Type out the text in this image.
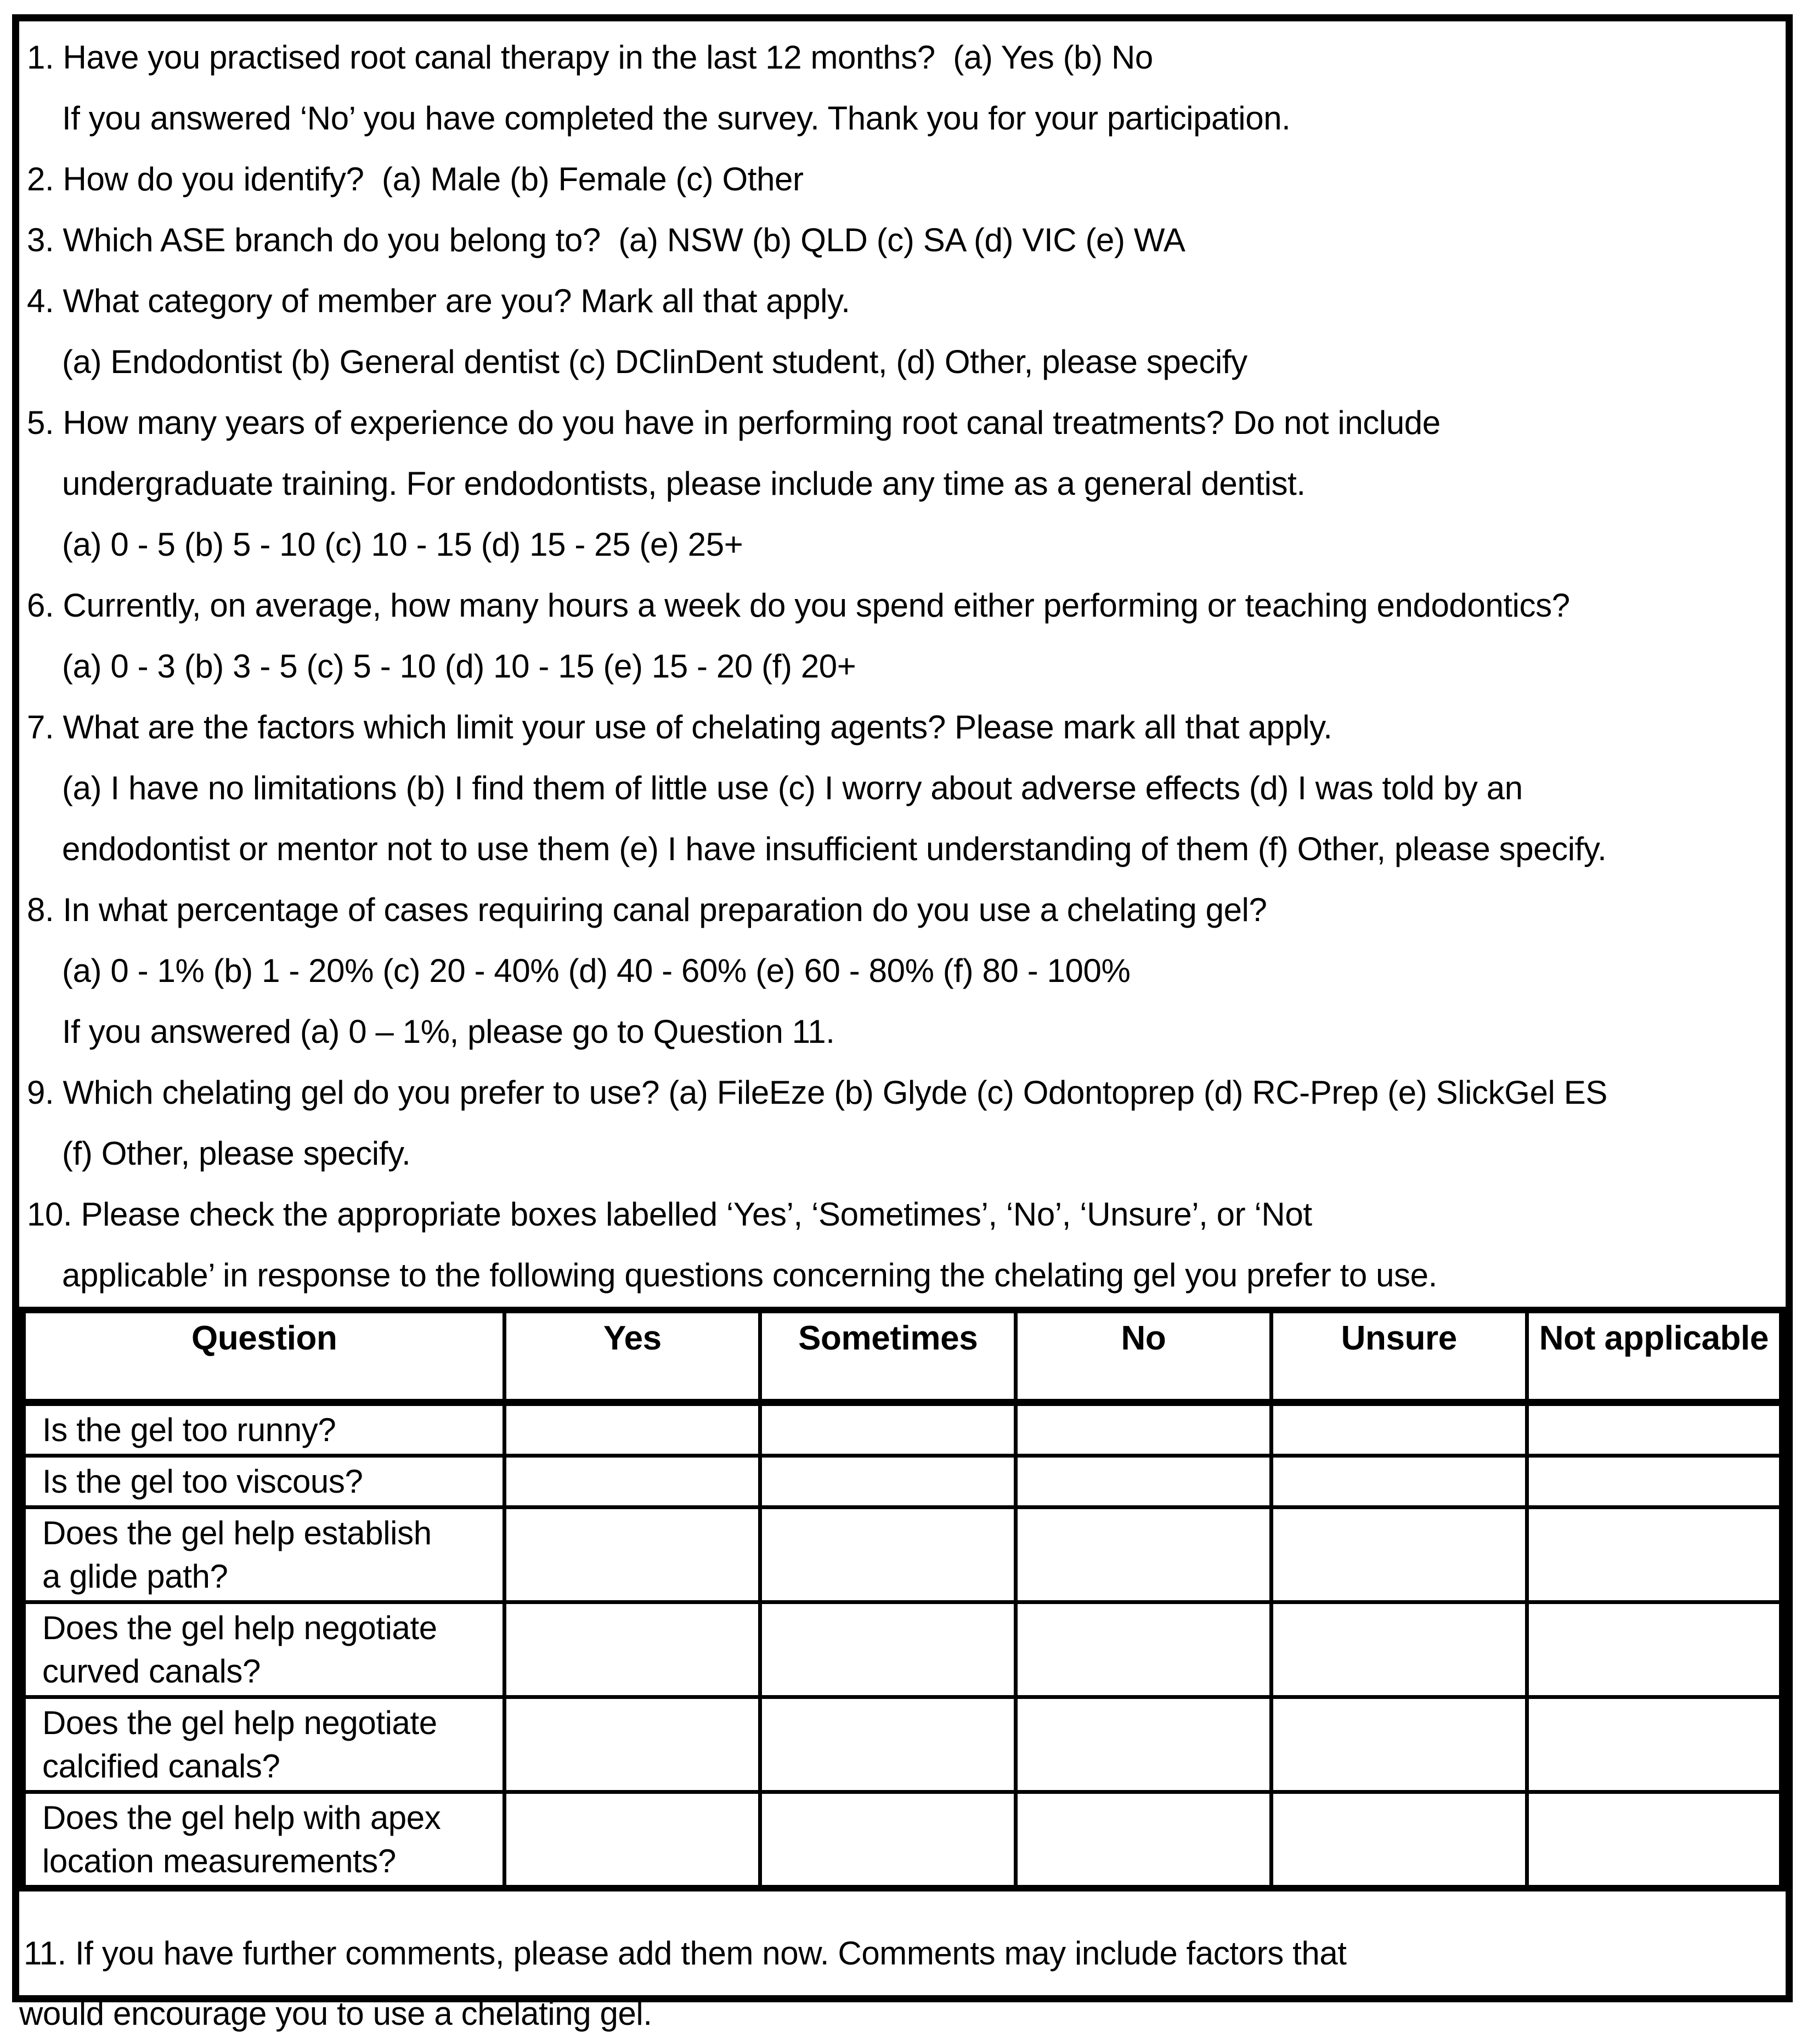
1. Have you practised root canal therapy in the last 12 months?  (a) Yes (b) No
If you answered ‘No’ you have completed the survey. Thank you for your participation.
2. How do you identify?  (a) Male (b) Female (c) Other
3. Which ASE branch do you belong to?  (a) NSW (b) QLD (c) SA (d) VIC (e) WA
4. What category of member are you? Mark all that apply.
(a) Endodontist (b) General dentist (c) DClinDent student, (d) Other, please specify
5. How many years of experience do you have in performing root canal treatments? Do not include
undergraduate training. For endodontists, please include any time as a general dentist.
(a) 0 - 5 (b) 5 - 10 (c) 10 - 15 (d) 15 - 25 (e) 25+
6. Currently, on average, how many hours a week do you spend either performing or teaching endodontics?
(a) 0 - 3 (b) 3 - 5 (c) 5 - 10 (d) 10 - 15 (e) 15 - 20 (f) 20+
7. What are the factors which limit your use of chelating agents? Please mark all that apply.
(a) I have no limitations (b) I find them of little use (c) I worry about adverse effects (d) I was told by an
endodontist or mentor not to use them (e) I have insufficient understanding of them (f) Other, please specify.
8. In what percentage of cases requiring canal preparation do you use a chelating gel?
(a) 0 - 1% (b) 1 - 20% (c) 20 - 40% (d) 40 - 60% (e) 60 - 80% (f) 80 - 100%
If you answered (a) 0 – 1%, please go to Question 11.
9. Which chelating gel do you prefer to use? (a) FileEze (b) Glyde (c) Odontoprep (d) RC-Prep (e) SlickGel ES
(f) Other, please specify.
10. Please check the appropriate boxes labelled ‘Yes’, ‘Sometimes’, ‘No’, ‘Unsure’, or ‘Not
applicable’ in response to the following questions concerning the chelating gel you prefer to use.
Question	Yes	Sometimes	No	Unsure	Not applicable

Is the gel too runny?					

Is the gel too viscous?					

Does the gel help establish
a glide path?					

Does the gel help negotiate
curved canals?					

Does the gel help negotiate
calcified canals?					

Does the gel help with apex
location measurements?					

11. If you have further comments, please add them now. Comments may include factors that
would encourage you to use a chelating gel.
